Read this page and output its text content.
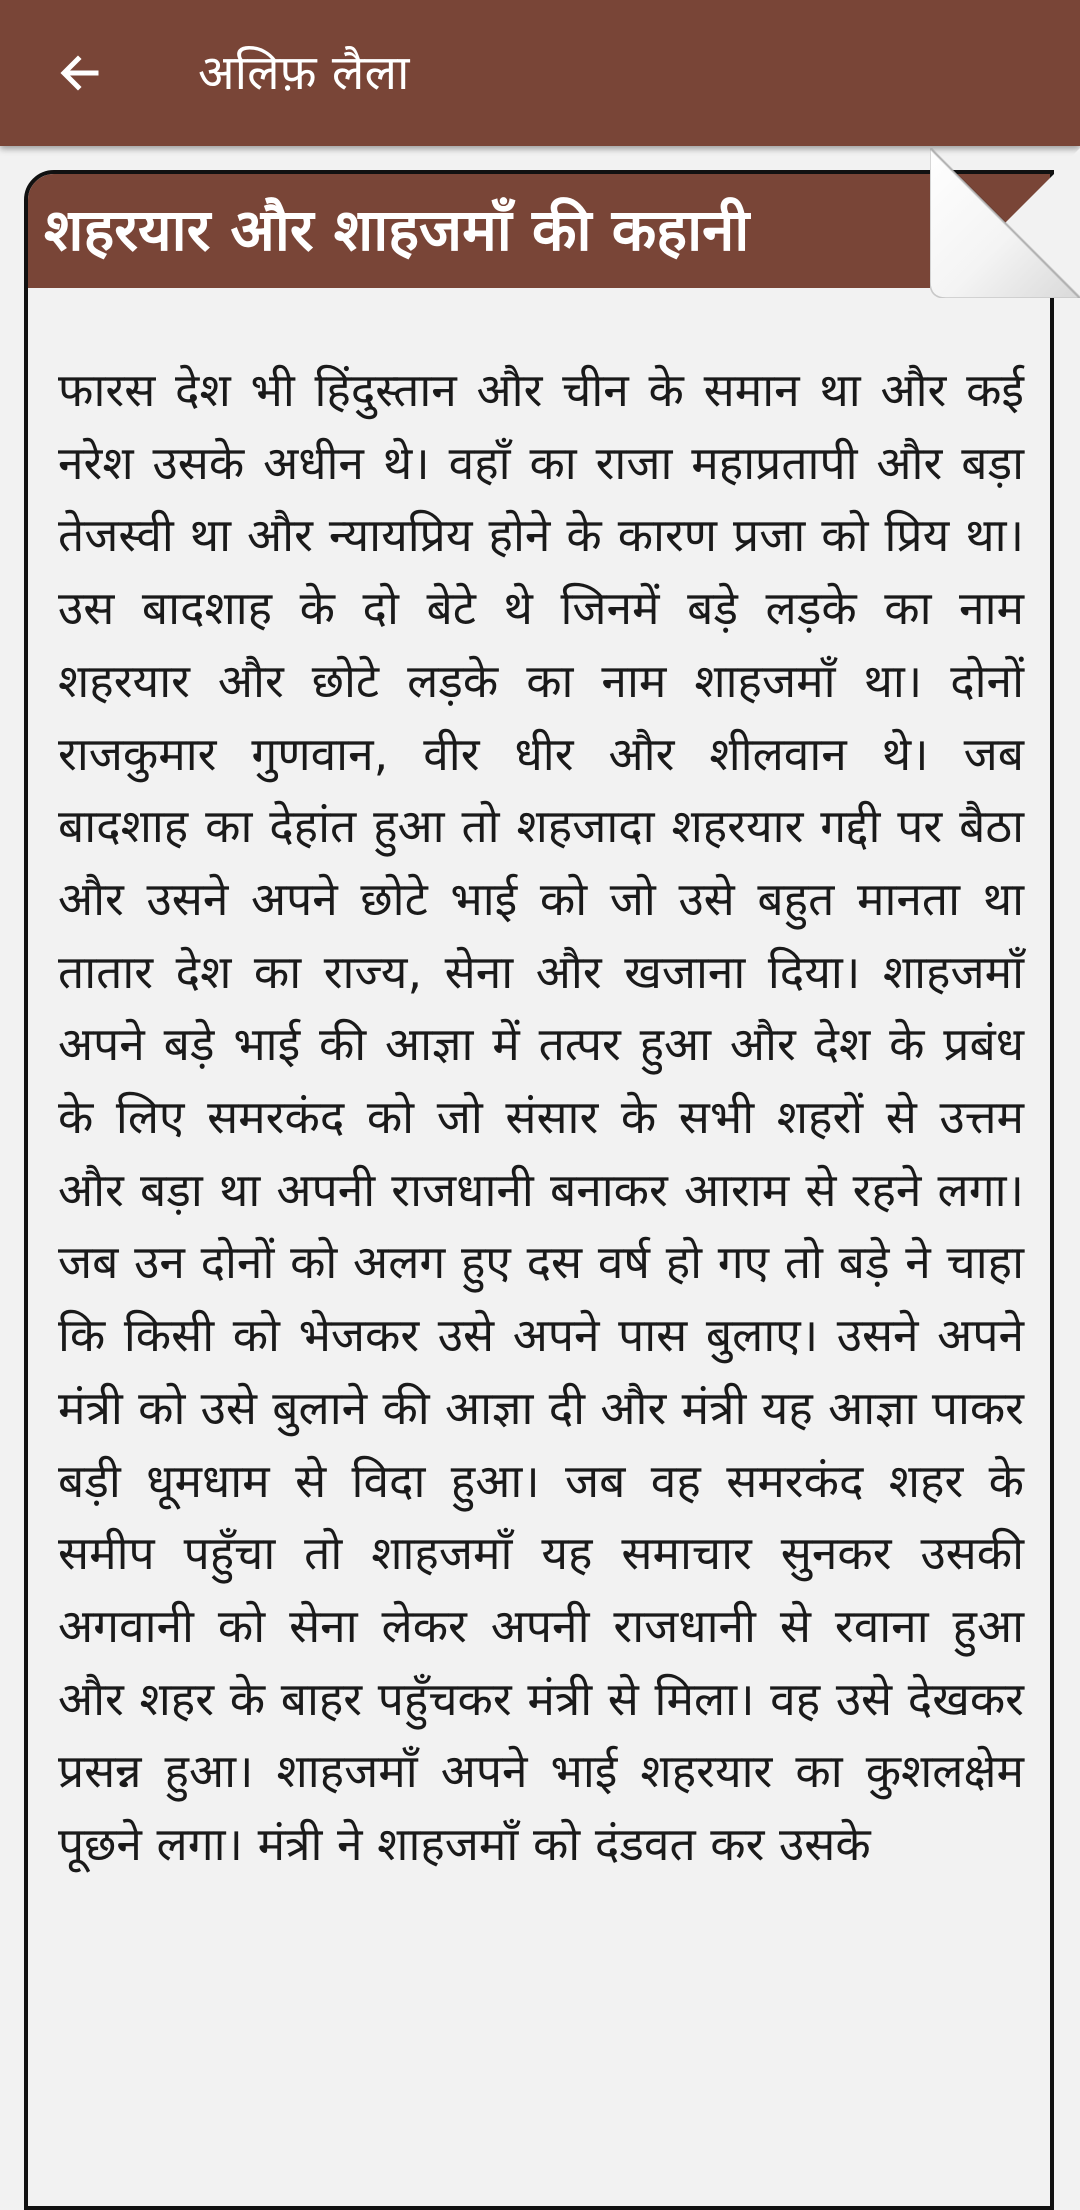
अलिफ़ लैला
शहरयार और शाहजमाँ की कहानी

फारस देश भी हिंदुस्तान और चीन के समान था और कई नरेश उसके अधीन थे। वहाँ का राजा महाप्रतापी और बड़ा तेजस्वी था और न्यायप्रिय होने के कारण प्रजा को प्रिय था। उस बादशाह के दो बेटे थे जिनमें बड़े लड़के का नाम शहरयार और छोटे लड़के का नाम शाहजमाँ था। दोनों राजकुमार गुणवान, वीर धीर और शीलवान थे। जब बादशाह का देहांत हुआ तो शहजादा शहरयार गद्दी पर बैठा और उसने अपने छोटे भाई को जो उसे बहुत मानता था तातार देश का राज्य, सेना और खजाना दिया। शाहजमाँ अपने बड़े भाई की आज्ञा में तत्पर हुआ और देश के प्रबंध के लिए समरकंद को जो संसार के सभी शहरों से उत्तम और बड़ा था अपनी राजधानी बनाकर आराम से रहने लगा। जब उन दोनों को अलग हुए दस वर्ष हो गए तो बड़े ने चाहा कि किसी को भेजकर उसे अपने पास बुलाए। उसने अपने मंत्री को उसे बुलाने की आज्ञा दी और मंत्री यह आज्ञा पाकर बड़ी धूमधाम से विदा हुआ। जब वह समरकंद शहर के समीप पहुँचा तो शाहजमाँ यह समाचार सुनकर उसकी अगवानी को सेना लेकर अपनी राजधानी से रवाना हुआ और शहर के बाहर पहुँचकर मंत्री से मिला। वह उसे देखकर प्रसन्न हुआ। शाहजमाँ अपने भाई शहरयार का कुशलक्षेम पूछने लगा। मंत्री ने शाहजमाँ को दंडवत कर उसके
